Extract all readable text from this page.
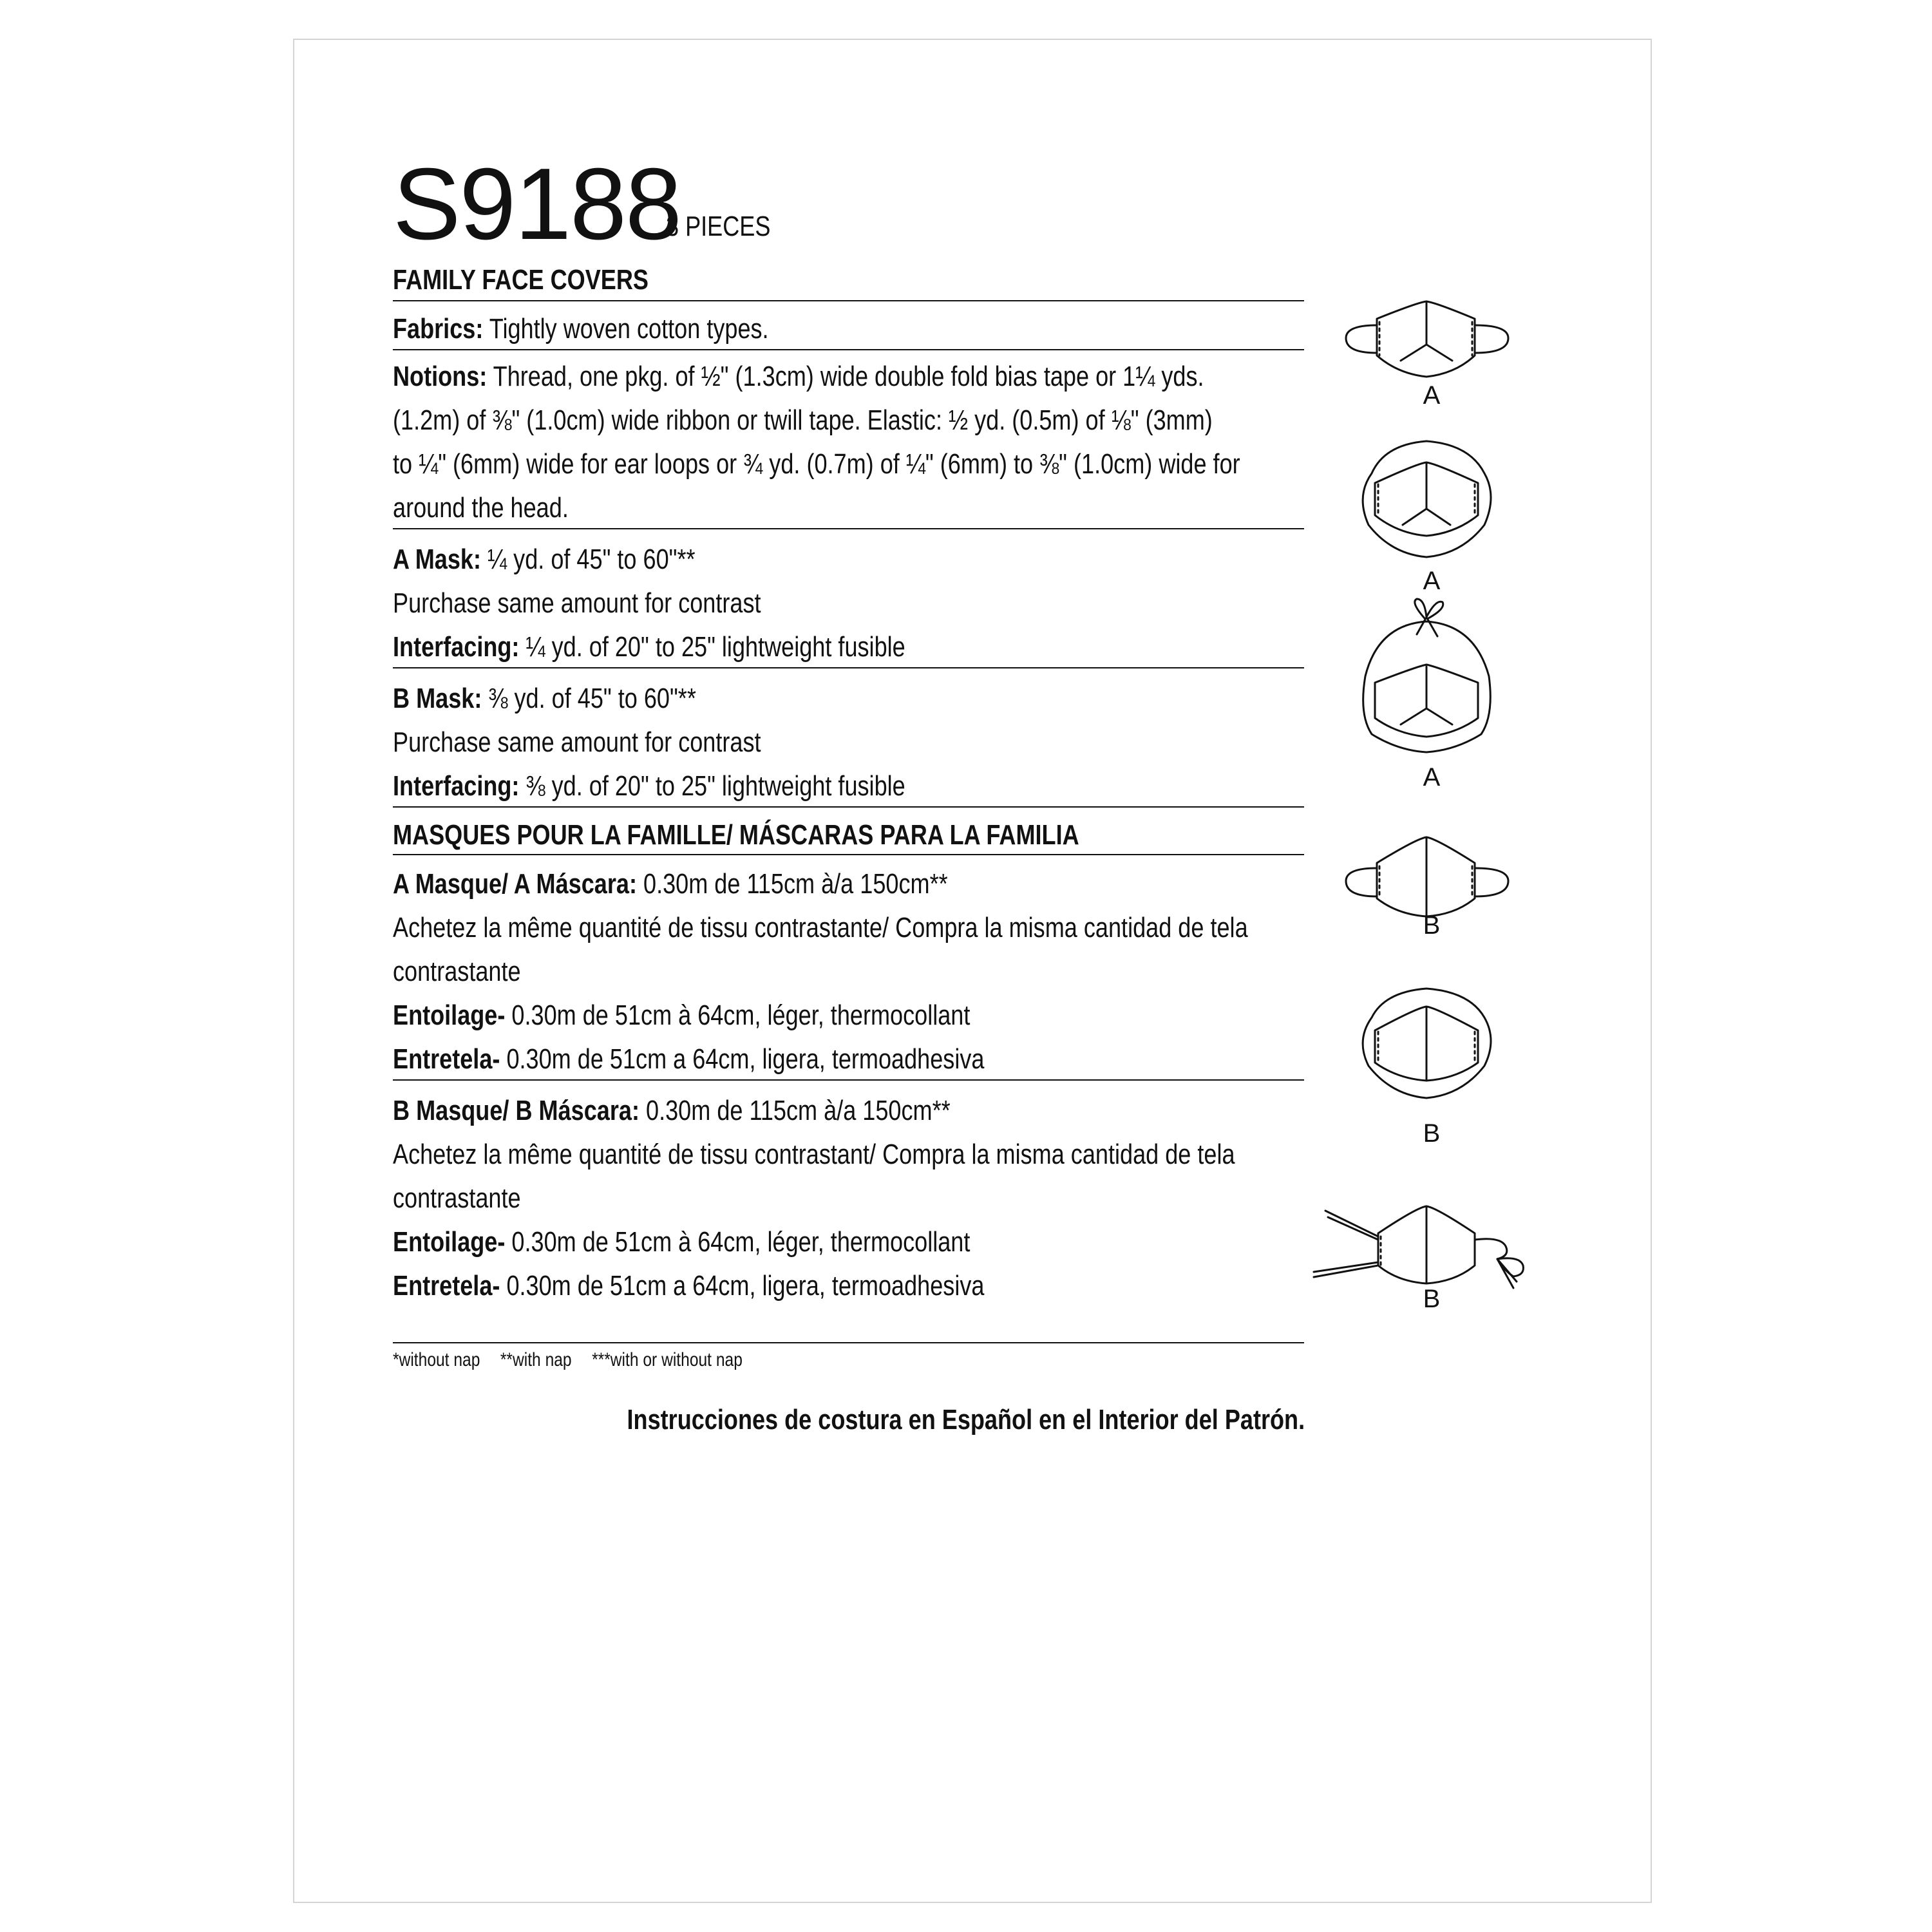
S9188
3 PIECES
FAMILY FACE COVERS
Fabrics: Tightly woven cotton types.
Notions: Thread, one pkg. of ½" (1.3cm) wide double fold bias tape or 1¼ yds.
(1.2m) of ⅜" (1.0cm) wide ribbon or twill tape. Elastic: ½ yd. (0.5m) of ⅛" (3mm)
to ¼" (6mm) wide for ear loops or ¾ yd. (0.7m) of ¼" (6mm) to ⅜" (1.0cm) wide for
around the head.
A Mask: ¼ yd. of 45" to 60"**
Purchase same amount for contrast
Interfacing: ¼ yd. of 20" to 25" lightweight fusible
B Mask: ⅜ yd. of 45" to 60"**
Purchase same amount for contrast
Interfacing: ⅜ yd. of 20" to 25" lightweight fusible
MASQUES POUR LA FAMILLE/ MÁSCARAS PARA LA FAMILIA
A Masque/ A Máscara: 0.30m de 115cm à/a 150cm**
Achetez la même quantité de tissu contrastante/ Compra la misma cantidad de tela
contrastante
Entoilage- 0.30m de 51cm à 64cm, léger, thermocollant
Entretela- 0.30m de 51cm a 64cm, ligera, termoadhesiva
B Masque/ B Máscara: 0.30m de 115cm à/a 150cm**
Achetez la même quantité de tissu contrastant/ Compra la misma cantidad de tela
contrastante
Entoilage- 0.30m de 51cm à 64cm, léger, thermocollant
Entretela- 0.30m de 51cm a 64cm, ligera, termoadhesiva
*without nap **with nap ***with or without nap
Instrucciones de costura en Español en el Interior del Patrón.
A
A
A
B
B
B
